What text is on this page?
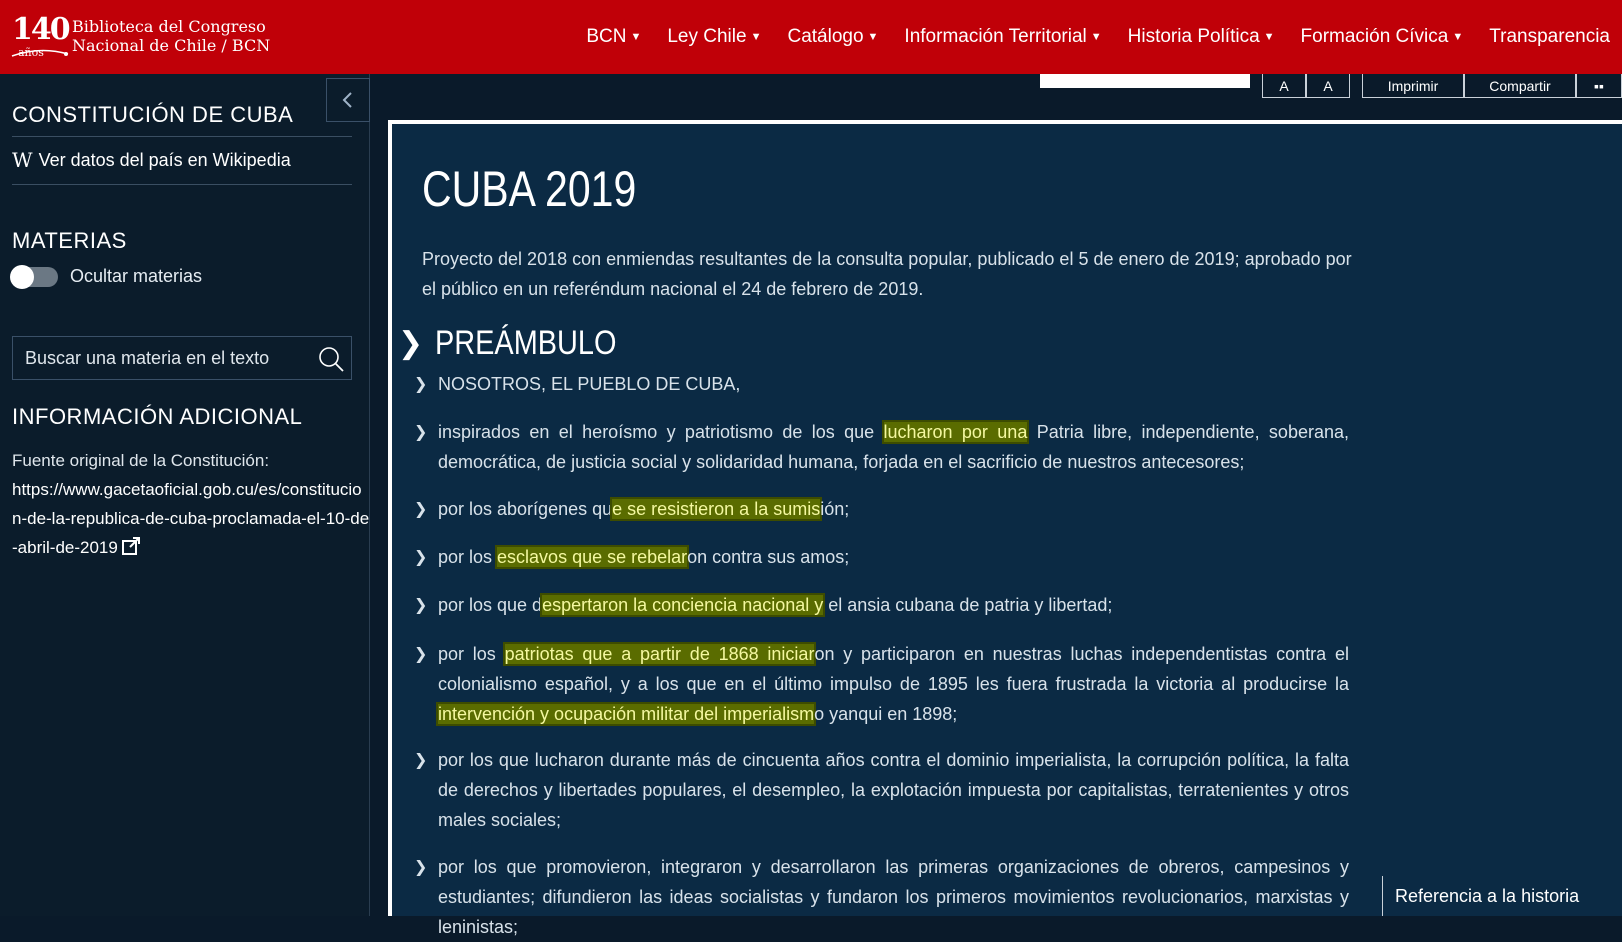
140
años
Biblioteca del Congreso
Nacional de Chile / BCN	BCN ▼ Ley Chile ▼ Catálogo ▼ Información Territorial ▼ Historia Política ▼ Formación Cívica ▼ Transparencia
CONSTITUCIÓN DE CUBA
W Ver datos del país en Wikipedia
MATERIAS
Ocultar materias
Buscar una materia en el texto
INFORMACIÓN ADICIONAL
Fuente original de la Constitución:
https://www.gacetaoficial.gob.cu/es/constitucion-de-la-republica-de-cuba-proclamada-el-10-de-abril-de-2019
A A	Imprimir	Compartir	▪▪
CUBA 2019
Proyecto del 2018 con enmiendas resultantes de la consulta popular, publicado el 5 de enero de 2019; aprobado por el público en un referéndum nacional el 24 de febrero de 2019.
❯ PREÁMBULO
❯ NOSOTROS, EL PUEBLO DE CUBA,
❯ inspirados en el heroísmo y patriotismo de los que lucharon por una Patria libre, independiente, soberana, democrática, de justicia social y solidaridad humana, forjada en el sacrificio de nuestros antecesores;
❯ por los aborígenes que se resistieron a la sumisión;
❯ por los esclavos que se rebelaron contra sus amos;
❯ por los que despertaron la conciencia nacional y el ansia cubana de patria y libertad;
❯ por los patriotas que a partir de 1868 iniciaron y participaron en nuestras luchas independentistas contra el colonialismo español, y a los que en el último impulso de 1895 les fuera frustrada la victoria al producirse la intervención y ocupación militar del imperialismo yanqui en 1898;
❯ por los que lucharon durante más de cincuenta años contra el dominio imperialista, la corrupción política, la falta de derechos y libertades populares, el desempleo, la explotación impuesta por capitalistas, terratenientes y otros males sociales;
❯ por los que promovieron, integraron y desarrollaron las primeras organizaciones de obreros, campesinos y estudiantes; difundieron las ideas socialistas y fundaron los primeros movimientos revolucionarios, marxistas y leninistas;
Referencia a la historia
